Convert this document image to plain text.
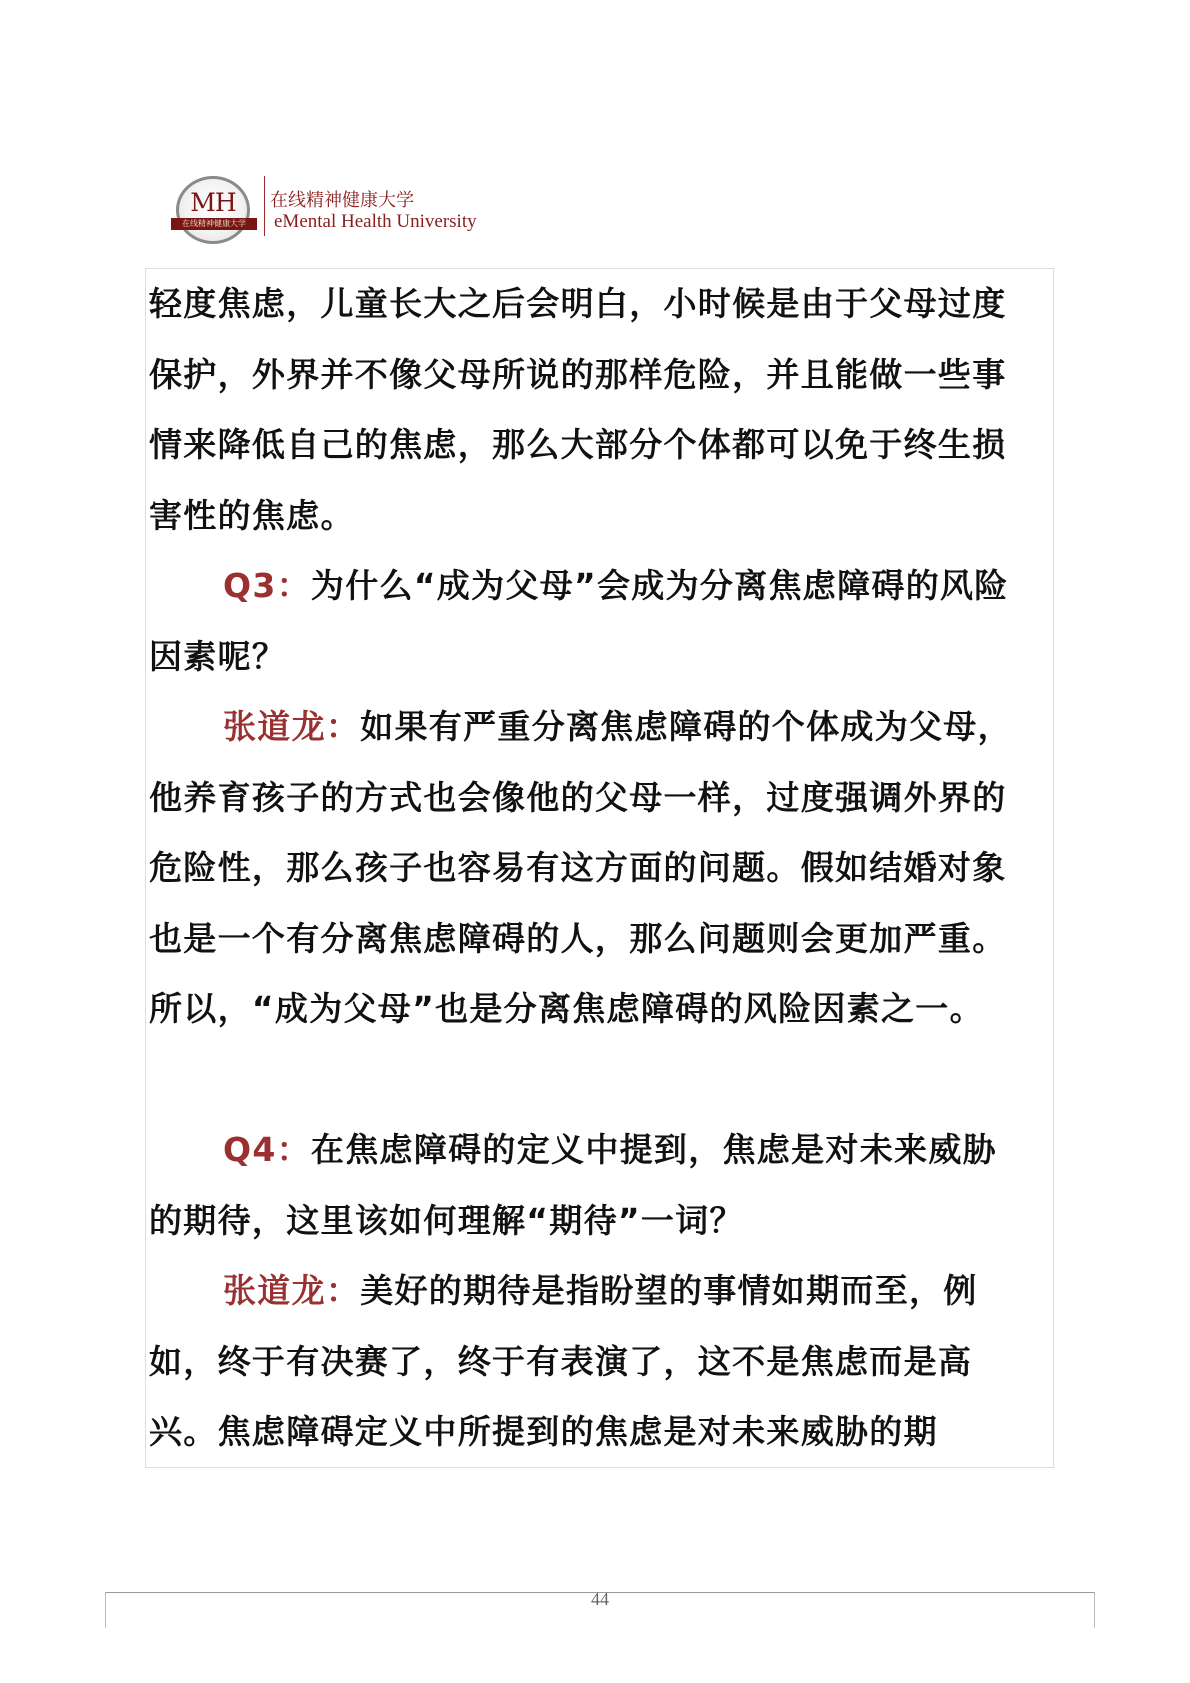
MH
在线精神健康大学
在线精神健康大学
eMental Health University

轻度焦虑，儿童长大之后会明白，小时候是由于父母过度保护，外界并不像父母所说的那样危险，并且能做一些事情来降低自己的焦虑，那么大部分个体都可以免于终生损害性的焦虑。

Q3：为什么“成为父母”会成为分离焦虑障碍的风险因素呢？

张道龙：如果有严重分离焦虑障碍的个体成为父母，他养育孩子的方式也会像他的父母一样，过度强调外界的危险性，那么孩子也容易有这方面的问题。假如结婚对象也是一个有分离焦虑障碍的人，那么问题则会更加严重。所以，“成为父母”也是分离焦虑障碍的风险因素之一。

Q4：在焦虑障碍的定义中提到，焦虑是对未来威胁的期待，这里该如何理解“期待”一词？

张道龙：美好的期待是指盼望的事情如期而至，例如，终于有决赛了，终于有表演了，这不是焦虑而是高兴。焦虑障碍定义中所提到的焦虑是对未来威胁的期

44
